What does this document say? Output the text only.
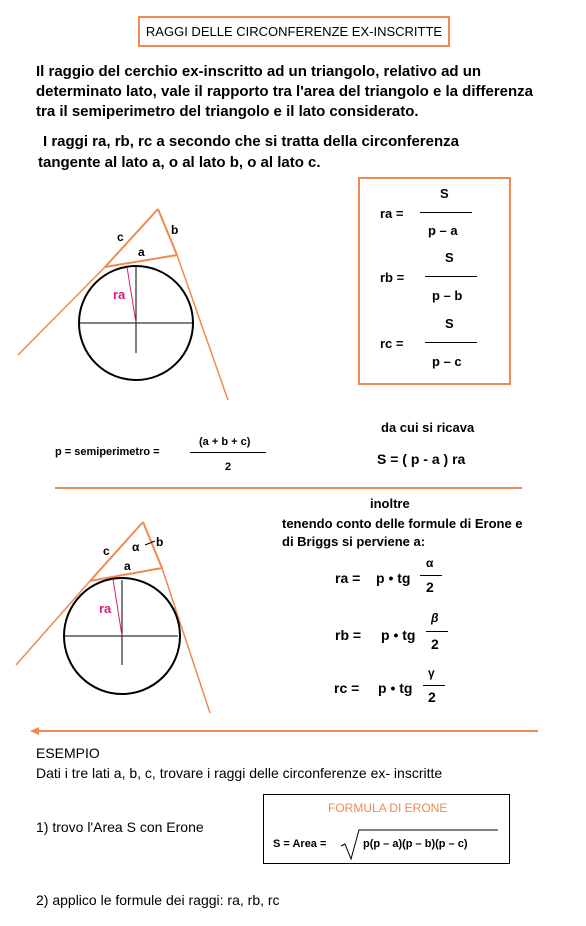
RAGGI DELLE CIRCONFERENZE EX-INSCRITTE
Il raggio del cerchio ex-inscritto ad un triangolo, relativo ad un determinato lato, vale il rapporto tra l'area del triangolo e la differenza tra il semiperimetro del triangolo e il lato considerato.
I raggi ra, rb, rc a secondo che si tratta della circonferenza
tangente al lato a, o al lato b, o al lato c.
c	b
a
ra
ra =
S
p – a
rb =
S
p – b
rc =
S
p – c
p = semiperimetro =
(a + b + c)
2
da cui si ricava
S = ( p - a ) ra
inoltre
tenendo conto delle formule di Erone e
di Briggs si perviene a:
c α b
a
ra
ra = p • tg
α
2
rb = p • tg
β
2
rc = p • tg
γ
2
ESEMPIO
Dati i tre lati a, b, c, trovare i raggi delle circonferenze ex- inscritte
1) trovo l'Area S con Erone
FORMULA DI ERONE
S = Area =	p(p – a)(p – b)(p – c)
2) applico le formule dei raggi: ra, rb, rc
